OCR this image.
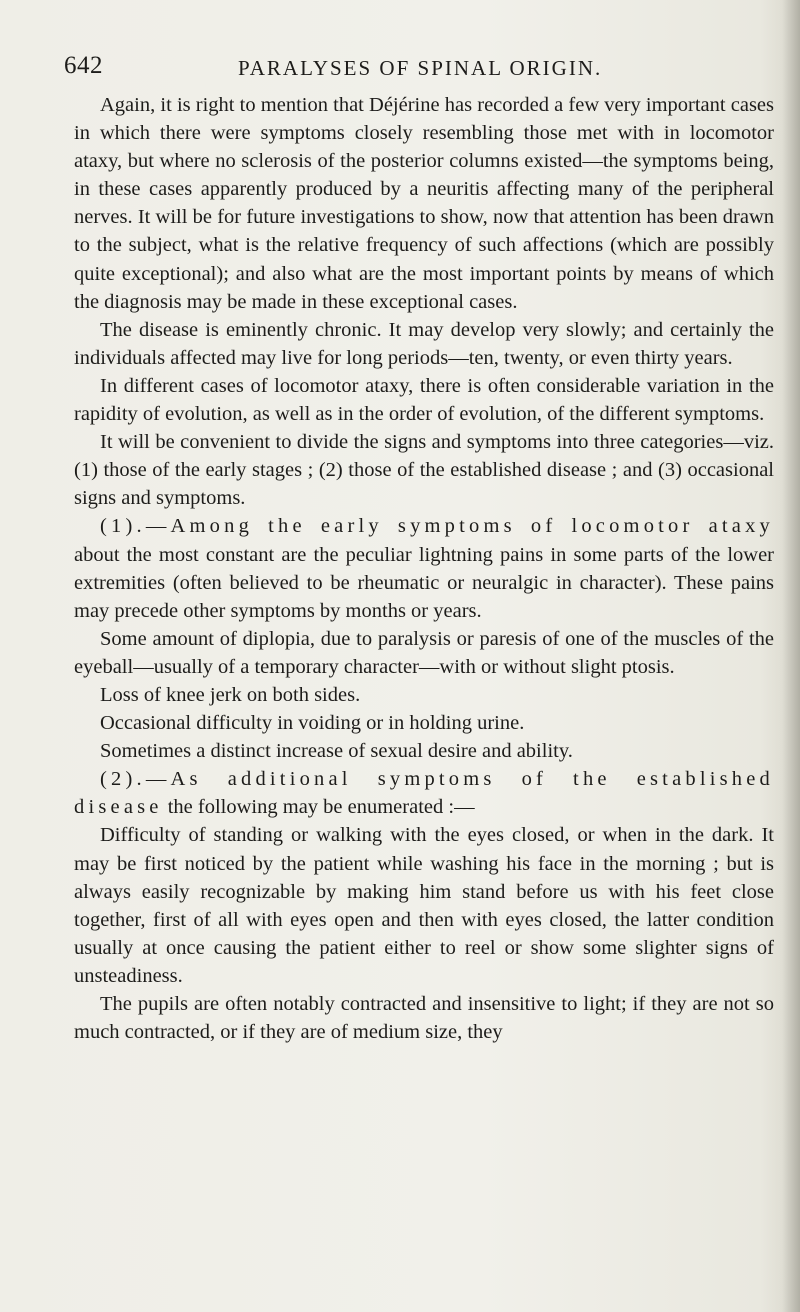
642	PARALYSES OF SPINAL ORIGIN.

Again, it is right to mention that Déjérine has recorded a few very important cases in which there were symptoms closely resembling those met with in locomotor ataxy, but where no sclerosis of the posterior columns existed—the symptoms being, in these cases apparently produced by a neuritis affecting many of the peripheral nerves. It will be for future investigations to show, now that attention has been drawn to the subject, what is the relative frequency of such affections (which are possibly quite exceptional); and also what are the most important points by means of which the diagnosis may be made in these exceptional cases.

The disease is eminently chronic. It may develop very slowly; and certainly the individuals affected may live for long periods—ten, twenty, or even thirty years.

In different cases of locomotor ataxy, there is often considerable variation in the rapidity of evolution, as well as in the order of evolution, of the different symptoms.

It will be convenient to divide the signs and symptoms into three categories—viz. (1) those of the early stages ; (2) those of the established disease ; and (3) occasional signs and symptoms.

(1).—Among the early symptoms of locomotor ataxy about the most constant are the peculiar lightning pains in some parts of the lower extremities (often believed to be rheumatic or neuralgic in character). These pains may precede other symptoms by months or years.

Some amount of diplopia, due to paralysis or paresis of one of the muscles of the eyeball—usually of a temporary character—with or without slight ptosis.

Loss of knee jerk on both sides.

Occasional difficulty in voiding or in holding urine.

Sometimes a distinct increase of sexual desire and ability.

(2).—As additional symptoms of the established disease the following may be enumerated :—

Difficulty of standing or walking with the eyes closed, or when in the dark. It may be first noticed by the patient while washing his face in the morning ; but is always easily recognizable by making him stand before us with his feet close together, first of all with eyes open and then with eyes closed, the latter condition usually at once causing the patient either to reel or show some slighter signs of unsteadiness.

The pupils are often notably contracted and insensitive to light; if they are not so much contracted, or if they are of medium size, they
